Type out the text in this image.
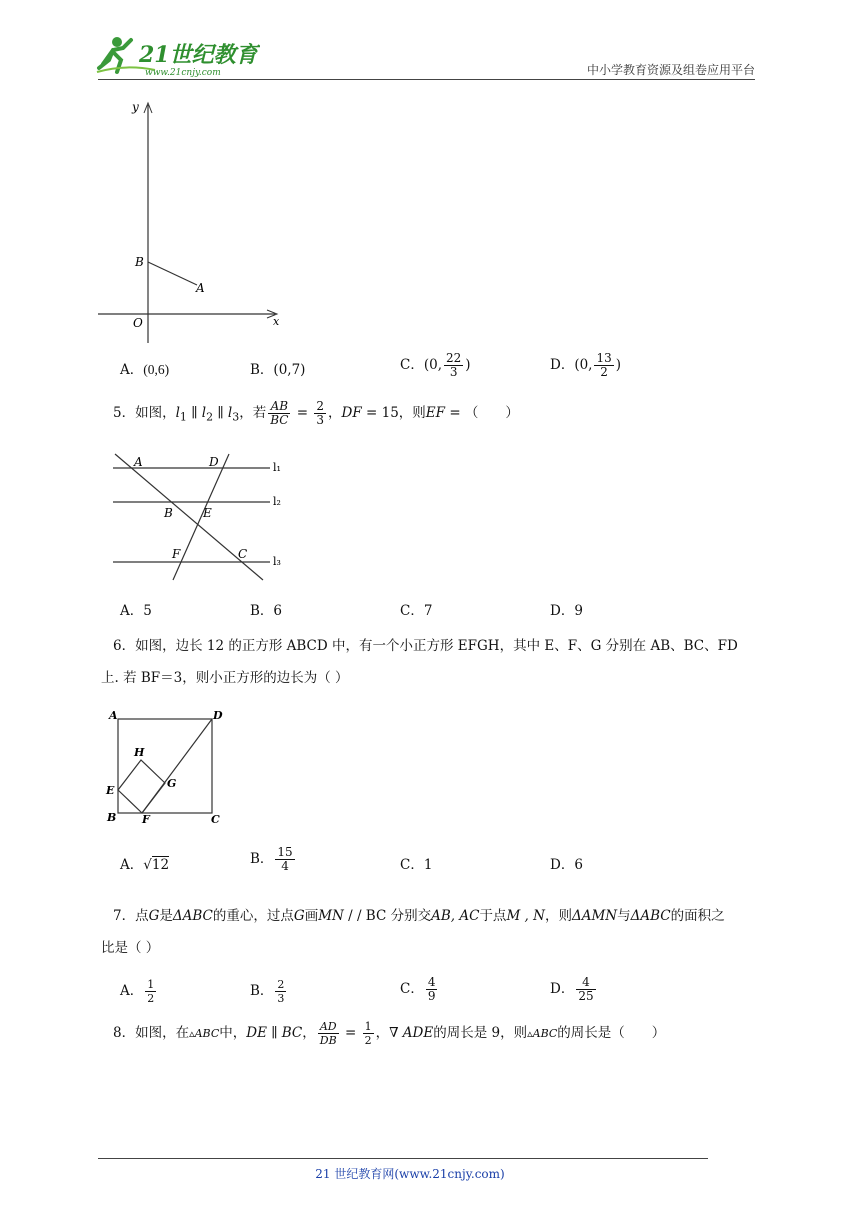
21世纪教育
www.21cnjy.com	中小学教育资源及组卷应用平台
y
x
O
B
A
A．(0,6)	B．(0,7)	C．(0, $\frac{22}{3}$ )	D．(0, $\frac{13}{2}$ )
5．如图，$l_1$ ∥ $l_2$ ∥ $l_3$，若 $\frac{AB}{BC} = \frac{2}{3}$ ，DF = 15，则EF = （　　）
A	D
B	E
F	C
l₁
l₂
l₃
A．5	B．6	C．7	D．9
6．如图，边长 12 的正方形 ABCD 中，有一个小正方形 EFGH，其中 E、F、G 分别在 AB、BC、FD
上. 若 BF＝3，则小正方形的边长为（ ）
A	D
H
G
E
B F	C
A．√12	B． $\frac{15}{4}$	C．1	D．6
7．点G是ΔABC的重心，过点G画MN / / BC 分别交AB, AC于点M , N，则ΔAMN与ΔABC的面积之
比是（ ）
A． $\frac{1}{2}$	B． $\frac{2}{3}$	C． $\frac{4}{9}$	D． $\frac{4}{25}$
8．如图，在▵ABC中，DE ∥ BC， $\frac{AD}{DB} = \frac{1}{2}$ ，∇ ADE的周长是 9，则▵ABC的周长是（　　）
21 世纪教育网(www.21cnjy.com)
